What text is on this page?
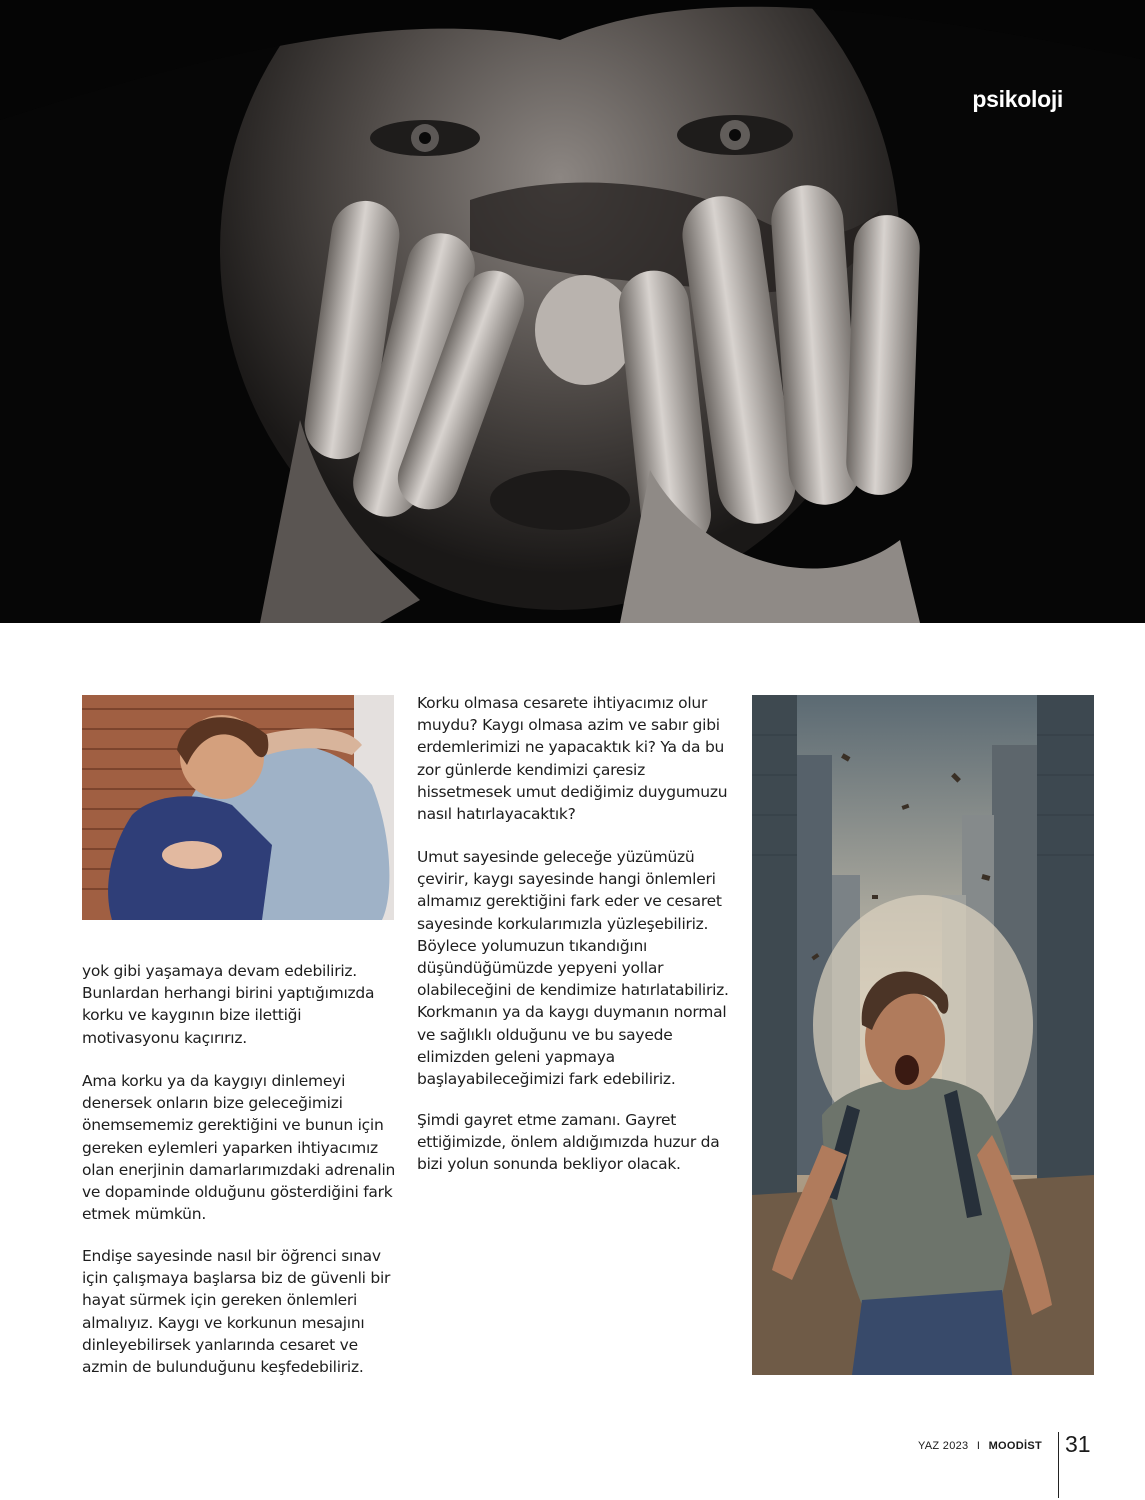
psikoloji

yok gibi yaşamaya devam edebiliriz. Bunlardan herhangi birini yaptığımızda korku ve kaygının bize ilettiği motivasyonu kaçırırız.

Ama korku ya da kaygıyı dinlemeyi denersek onların bize geleceğimizi önemsememiz gerektiğini ve bunun için gereken eylemleri yaparken ihtiyacımız olan enerjinin damarlarımızdaki adrenalin ve dopaminde olduğunu gösterdiğini fark etmek mümkün.

Endişe sayesinde nasıl bir öğrenci sınav için çalışmaya başlarsa biz de güvenli bir hayat sürmek için gereken önlemleri almalıyız. Kaygı ve korkunun mesajını dinleyebilirsek yanlarında cesaret ve azmin de bulunduğunu keşfedebiliriz.

Korku olmasa cesarete ihtiyacımız olur muydu? Kaygı olmasa azim ve sabır gibi erdemlerimizi ne yapacaktık ki? Ya da bu zor günlerde kendimizi çaresiz hissetmesek umut dediğimiz duygumuzu nasıl hatırlayacaktık?

Umut sayesinde geleceğe yüzümüzü çevirir, kaygı sayesinde hangi önlemleri almamız gerektiğini fark eder ve cesaret sayesinde korkularımızla yüzleşebiliriz. Böylece yolumuzun tıkandığını düşündüğümüzde yepyeni yollar olabileceğini de kendimize hatırlatabiliriz. Korkmanın ya da kaygı duymanın normal ve sağlıklı olduğunu ve bu sayede elimizden geleni yapmaya başlayabileceğimizi fark edebiliriz.

Şimdi gayret etme zamanı. Gayret ettiğimizde, önlem aldığımızda huzur da bizi yolun sonunda bekliyor olacak.

YAZ 2023 I MOODİST 31
